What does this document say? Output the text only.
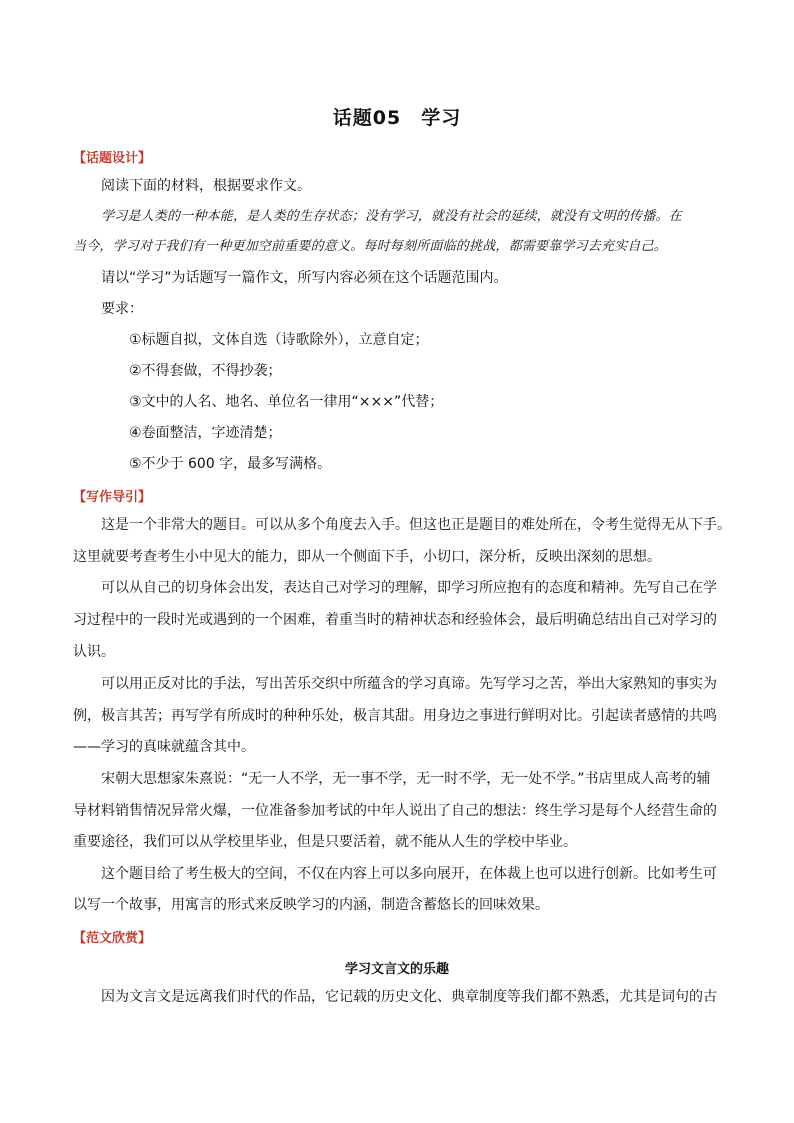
话题05　学习
【话题设计】
阅读下面的材料，根据要求作文。
学习是人类的一种本能，是人类的生存状态；没有学习，就没有社会的延续，就没有文明的传播。在
当今，学习对于我们有一种更加空前重要的意义。每时每刻所面临的挑战，都需要靠学习去充实自己。
请以“学习”为话题写一篇作文，所写内容必须在这个话题范围内。
要求：
①标题自拟，文体自选（诗歌除外），立意自定；
②不得套做，不得抄袭；
③文中的人名、地名、单位名一律用“×××”代替；
④卷面整洁，字迹清楚；
⑤不少于 600 字，最多写满格。
【写作导引】
这是一个非常大的题目。可以从多个角度去入手。但这也正是题目的难处所在，令考生觉得无从下手。
这里就要考查考生小中见大的能力，即从一个侧面下手，小切口，深分析，反映出深刻的思想。
可以从自己的切身体会出发，表达自己对学习的理解，即学习所应抱有的态度和精神。先写自己在学
习过程中的一段时光或遇到的一个困难，着重当时的精神状态和经验体会，最后明确总结出自己对学习的
认识。
可以用正反对比的手法，写出苦乐交织中所蕴含的学习真谛。先写学习之苦，举出大家熟知的事实为
例，极言其苦；再写学有所成时的种种乐处，极言其甜。用身边之事进行鲜明对比。引起读者感情的共鸣
——学习的真味就蕴含其中。
宋朝大思想家朱熹说：“无一人不学，无一事不学，无一时不学，无一处不学。”书店里成人高考的辅
导材料销售情况异常火爆，一位准备参加考试的中年人说出了自己的想法：终生学习是每个人经营生命的
重要途径，我们可以从学校里毕业，但是只要活着，就不能从人生的学校中毕业。
这个题目给了考生极大的空间，不仅在内容上可以多向展开，在体裁上也可以进行创新。比如考生可
以写一个故事，用寓言的形式来反映学习的内涵，制造含蓄悠长的回味效果。
【范文欣赏】
学习文言文的乐趣
因为文言文是远离我们时代的作品，它记载的历史文化、典章制度等我们都不熟悉，尤其是词句的古
